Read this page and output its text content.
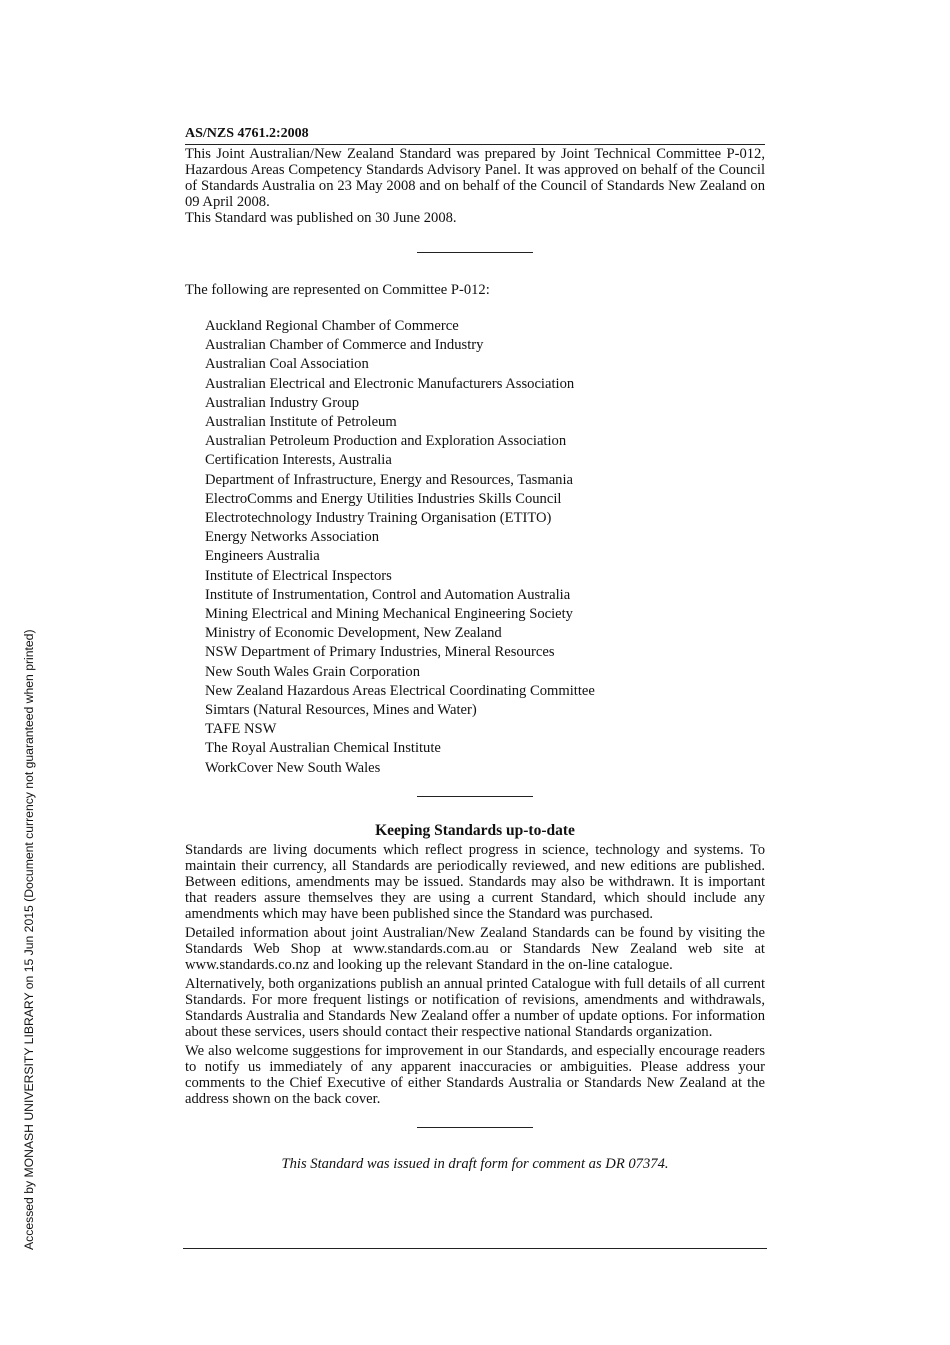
Accessed by MONASH UNIVERSITY LIBRARY on 15 Jun 2015 (Document currency not guaranteed when printed)
AS/NZS 4761.2:2008

This Joint Australian/New Zealand Standard was prepared by Joint Technical Committee P-012, Hazardous Areas Competency Standards Advisory Panel. It was approved on behalf of the Council of Standards Australia on 23 May 2008 and on behalf of the Council of Standards New Zealand on 09 April 2008.

This Standard was published on 30 June 2008.

The following are represented on Committee P-012:
Auckland Regional Chamber of Commerce
Australian Chamber of Commerce and Industry
Australian Coal Association
Australian Electrical and Electronic Manufacturers Association
Australian Industry Group
Australian Institute of Petroleum
Australian Petroleum Production and Exploration Association
Certification Interests, Australia
Department of Infrastructure, Energy and Resources, Tasmania
ElectroComms and Energy Utilities Industries Skills Council
Electrotechnology Industry Training Organisation (ETITO)
Energy Networks Association
Engineers Australia
Institute of Electrical Inspectors
Institute of Instrumentation, Control and Automation Australia
Mining Electrical and Mining Mechanical Engineering Society
Ministry of Economic Development, New Zealand
NSW Department of Primary Industries, Mineral Resources
New South Wales Grain Corporation
New Zealand Hazardous Areas Electrical Coordinating Committee
Simtars (Natural Resources, Mines and Water)
TAFE NSW
The Royal Australian Chemical Institute
WorkCover New South Wales
Keeping Standards up-to-date

Standards are living documents which reflect progress in science, technology and systems. To maintain their currency, all Standards are periodically reviewed, and new editions are published. Between editions, amendments may be issued. Standards may also be withdrawn. It is important that readers assure themselves they are using a current Standard, which should include any amendments which may have been published since the Standard was purchased.

Detailed information about joint Australian/New Zealand Standards can be found by visiting the Standards Web Shop at www.standards.com.au or Standards New Zealand web site at www.standards.co.nz and looking up the relevant Standard in the on-line catalogue.

Alternatively, both organizations publish an annual printed Catalogue with full details of all current Standards. For more frequent listings or notification of revisions, amendments and withdrawals, Standards Australia and Standards New Zealand offer a number of update options. For information about these services, users should contact their respective national Standards organization.

We also welcome suggestions for improvement in our Standards, and especially encourage readers to notify us immediately of any apparent inaccuracies or ambiguities. Please address your comments to the Chief Executive of either Standards Australia or Standards New Zealand at the address shown on the back cover.

This Standard was issued in draft form for comment as DR 07374.
